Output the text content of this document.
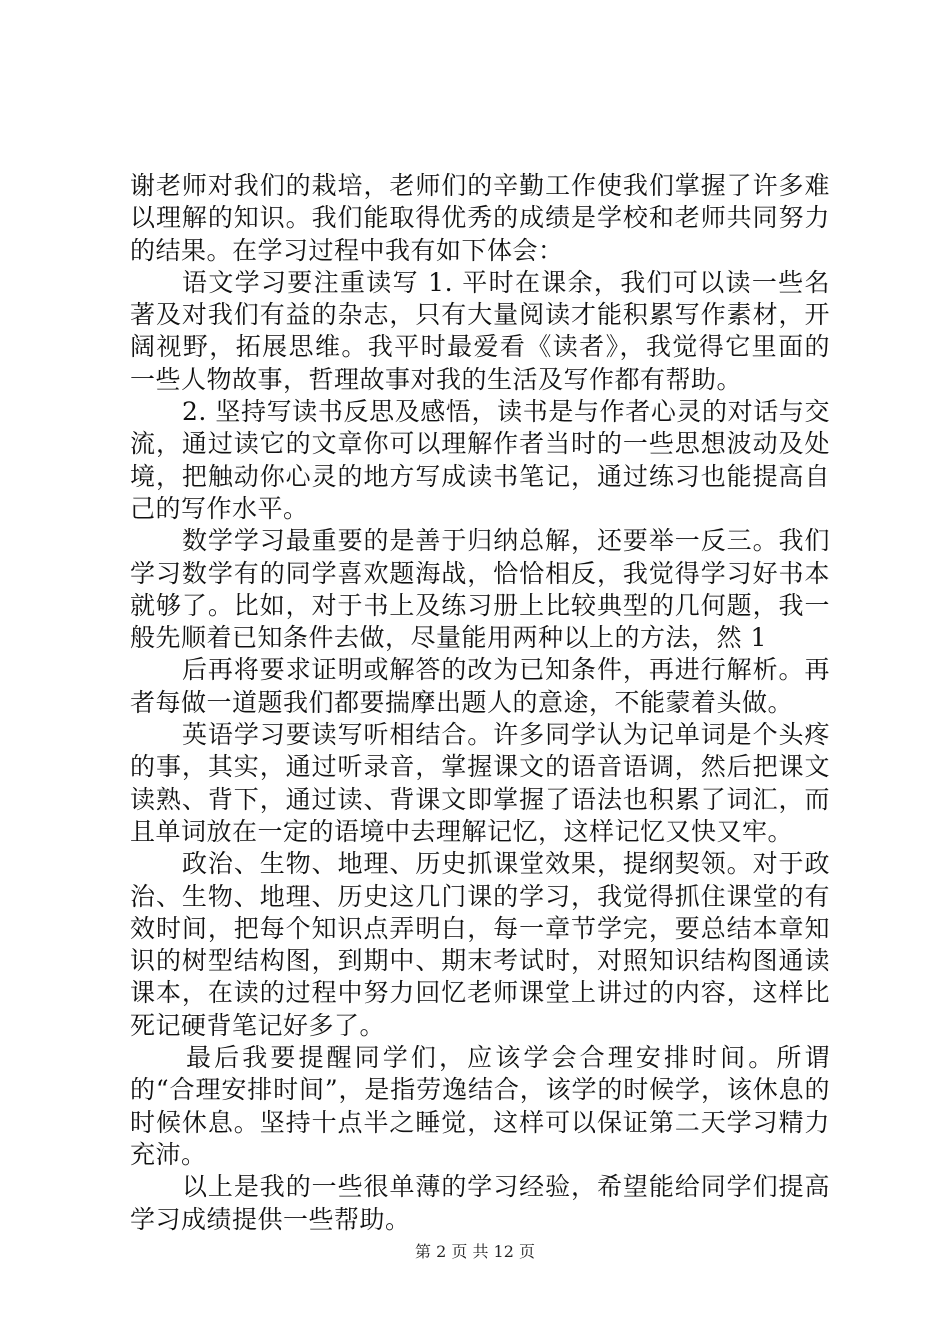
谢老师对我们的栽培，老师们的辛勤工作使我们掌握了许多难以理解的知识。我们能取得优秀的成绩是学校和老师共同努力的结果。在学习过程中我有如下体会：

语文学习要注重读写 1. 平时在课余，我们可以读一些名著及对我们有益的杂志，只有大量阅读才能积累写作素材，开阔视野，拓展思维。我平时最爱看《读者》，我觉得它里面的一些人物故事，哲理故事对我的生活及写作都有帮助。

2. 坚持写读书反思及感悟，读书是与作者心灵的对话与交流，通过读它的文章你可以理解作者当时的一些思想波动及处境，把触动你心灵的地方写成读书笔记，通过练习也能提高自己的写作水平。

数学学习最重要的是善于归纳总解，还要举一反三。我们学习数学有的同学喜欢题海战，恰恰相反，我觉得学习好书本就够了。比如，对于书上及练习册上比较典型的几何题，我一般先顺着已知条件去做，尽量能用两种以上的方法，然 1

后再将要求证明或解答的改为已知条件，再进行解析。再者每做一道题我们都要揣摩出题人的意途，不能蒙着头做。

英语学习要读写听相结合。许多同学认为记单词是个头疼的事，其实，通过听录音，掌握课文的语音语调，然后把课文读熟、背下，通过读、背课文即掌握了语法也积累了词汇，而且单词放在一定的语境中去理解记忆，这样记忆又快又牢。

政治、生物、地理、历史抓课堂效果，提纲契领。对于政治、生物、地理、历史这几门课的学习，我觉得抓住课堂的有效时间，把每个知识点弄明白，每一章节学完，要总结本章知识的树型结构图，到期中、期末考试时，对照知识结构图通读课本，在读的过程中努力回忆老师课堂上讲过的内容，这样比死记硬背笔记好多了。

最后我要提醒同学们，应该学会合理安排时间。所谓的“合理安排时间”，是指劳逸结合，该学的时候学，该休息的时候休息。坚持十点半之睡觉，这样可以保证第二天学习精力充沛。

以上是我的一些很单薄的学习经验，希望能给同学们提高学习成绩提供一些帮助。

第 2 页 共 12 页
